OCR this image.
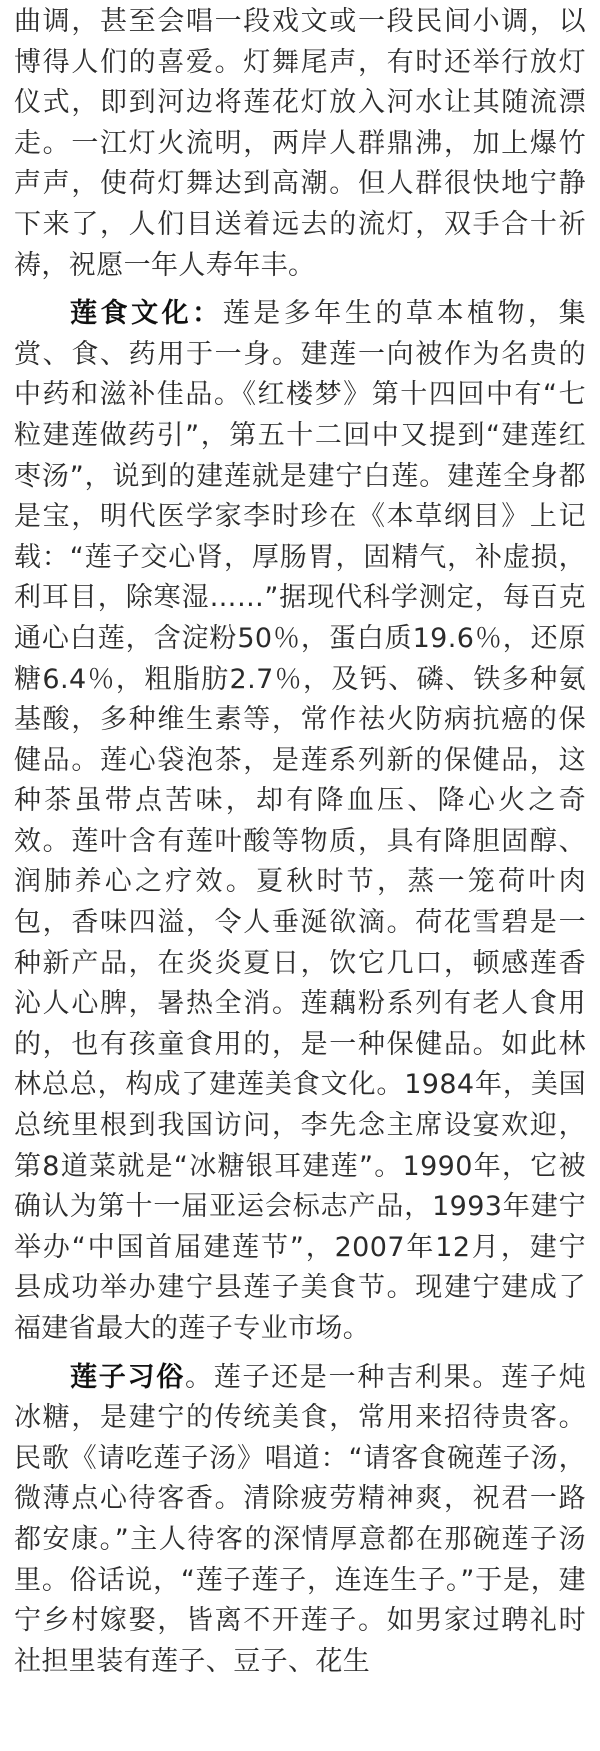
曲调，甚至会唱一段戏文或一段民间小调，以博得人们的喜爱。灯舞尾声，有时还举行放灯仪式，即到河边将莲花灯放入河水让其随流漂走。一江灯火流明，两岸人群鼎沸，加上爆竹声声，使荷灯舞达到高潮。但人群很快地宁静下来了，人们目送着远去的流灯，双手合十祈祷，祝愿一年人寿年丰。

莲食文化：莲是多年生的草本植物，集赏、食、药用于一身。建莲一向被作为名贵的中药和滋补佳品。《红楼梦》第十四回中有“七粒建莲做药引”，第五十二回中又提到“建莲红枣汤”，说到的建莲就是建宁白莲。建莲全身都是宝，明代医学家李时珍在《本草纲目》上记载：“莲子交心肾，厚肠胃，固精气，补虚损，利耳目，除寒湿……”据现代科学测定，每百克通心白莲，含淀粉50％，蛋白质19.6％，还原糖6.4％，粗脂肪2.7％，及钙、磷、铁多种氨基酸，多种维生素等，常作祛火防病抗癌的保健品。莲心袋泡茶，是莲系列新的保健品，这种茶虽带点苦味，却有降血压、降心火之奇效。莲叶含有莲叶酸等物质，具有降胆固醇、润肺养心之疗效。夏秋时节，蒸一笼荷叶肉包，香味四溢，令人垂涎欲滴。荷花雪碧是一种新产品，在炎炎夏日，饮它几口，顿感莲香沁人心脾，暑热全消。莲藕粉系列有老人食用的，也有孩童食用的，是一种保健品。如此林林总总，构成了建莲美食文化。1984年，美国总统里根到我国访问，李先念主席设宴欢迎，第8道菜就是“冰糖银耳建莲”。1990年，它被确认为第十一届亚运会标志产品，1993年建宁举办“中国首届建莲节”，2007年12月，建宁县成功举办建宁县莲子美食节。现建宁建成了福建省最大的莲子专业市场。

莲子习俗。莲子还是一种吉利果。莲子炖冰糖，是建宁的传统美食，常用来招待贵客。民歌《请吃莲子汤》唱道：“请客食碗莲子汤，微薄点心待客香。清除疲劳精神爽，祝君一路都安康。”主人待客的深情厚意都在那碗莲子汤里。俗话说，“莲子莲子，连连生子。”于是，建宁乡村嫁娶，皆离不开莲子。如男家过聘礼时社担里装有莲子、豆子、花生
